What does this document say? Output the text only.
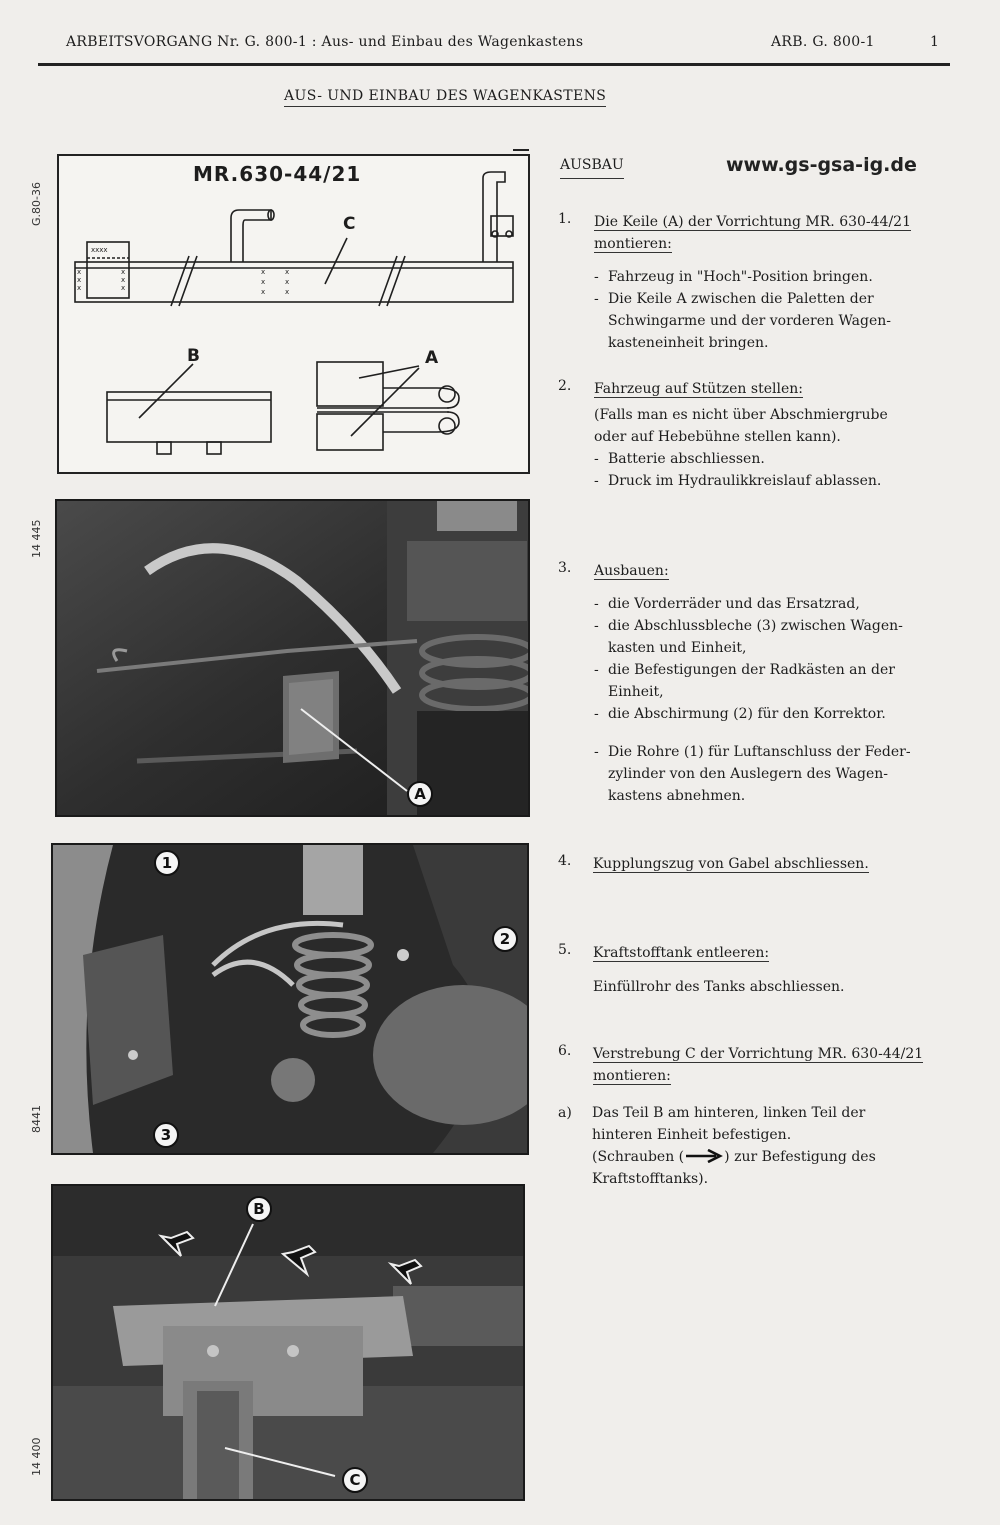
ARBEITSVORGANG Nr. G. 800-1 : Aus- und Einbau des Wagenkastens	ARB. G. 800-1	1
AUS- UND EINBAU DES WAGENKASTENS
G.80-36
14 445
8441
14 400
xxxx
x
x
x
x
x
x
x
x
x
x
x
x
MR.630-44/21
C
B	A
A
1
2
3
B
C
AUSBAU	www.gs-gsa-ig.de
1. Die Keile (A) der Vorrichtung MR. 630-44/21
montieren:
- Fahrzeug in "Hoch"-Position bringen.
- Die Keile A zwischen die Paletten der Schwingarme und der vorderen Wagen-kasteneinheit bringen.
2. Fahrzeug auf Stützen stellen:
(Falls man es nicht über Abschmiergrube oder auf Hebebühne stellen kann).
- Batterie abschliessen.
- Druck im Hydraulikkreislauf ablassen.
3. Ausbauen:
- die Vorderräder und das Ersatzrad,
- die Abschlussbleche (3) zwischen Wagen-kasten und Einheit,
- die Befestigungen der Radkästen an der Einheit,
- die Abschirmung (2) für den Korrektor.
- Die Rohre (1) für Luftanschluss der Feder-zylinder von den Auslegern des Wagen-kastens abnehmen.
4. Kupplungszug von Gabel abschliessen.
5. Kraftstofftank entleeren:
Einfüllrohr des Tanks abschliessen.
6. Verstrebung C der Vorrichtung MR. 630-44/21
montieren:
a) Das Teil B am hinteren, linken Teil der
hinteren Einheit befestigen.
(Schrauben (	) zur Befestigung des
Kraftstofftanks).
